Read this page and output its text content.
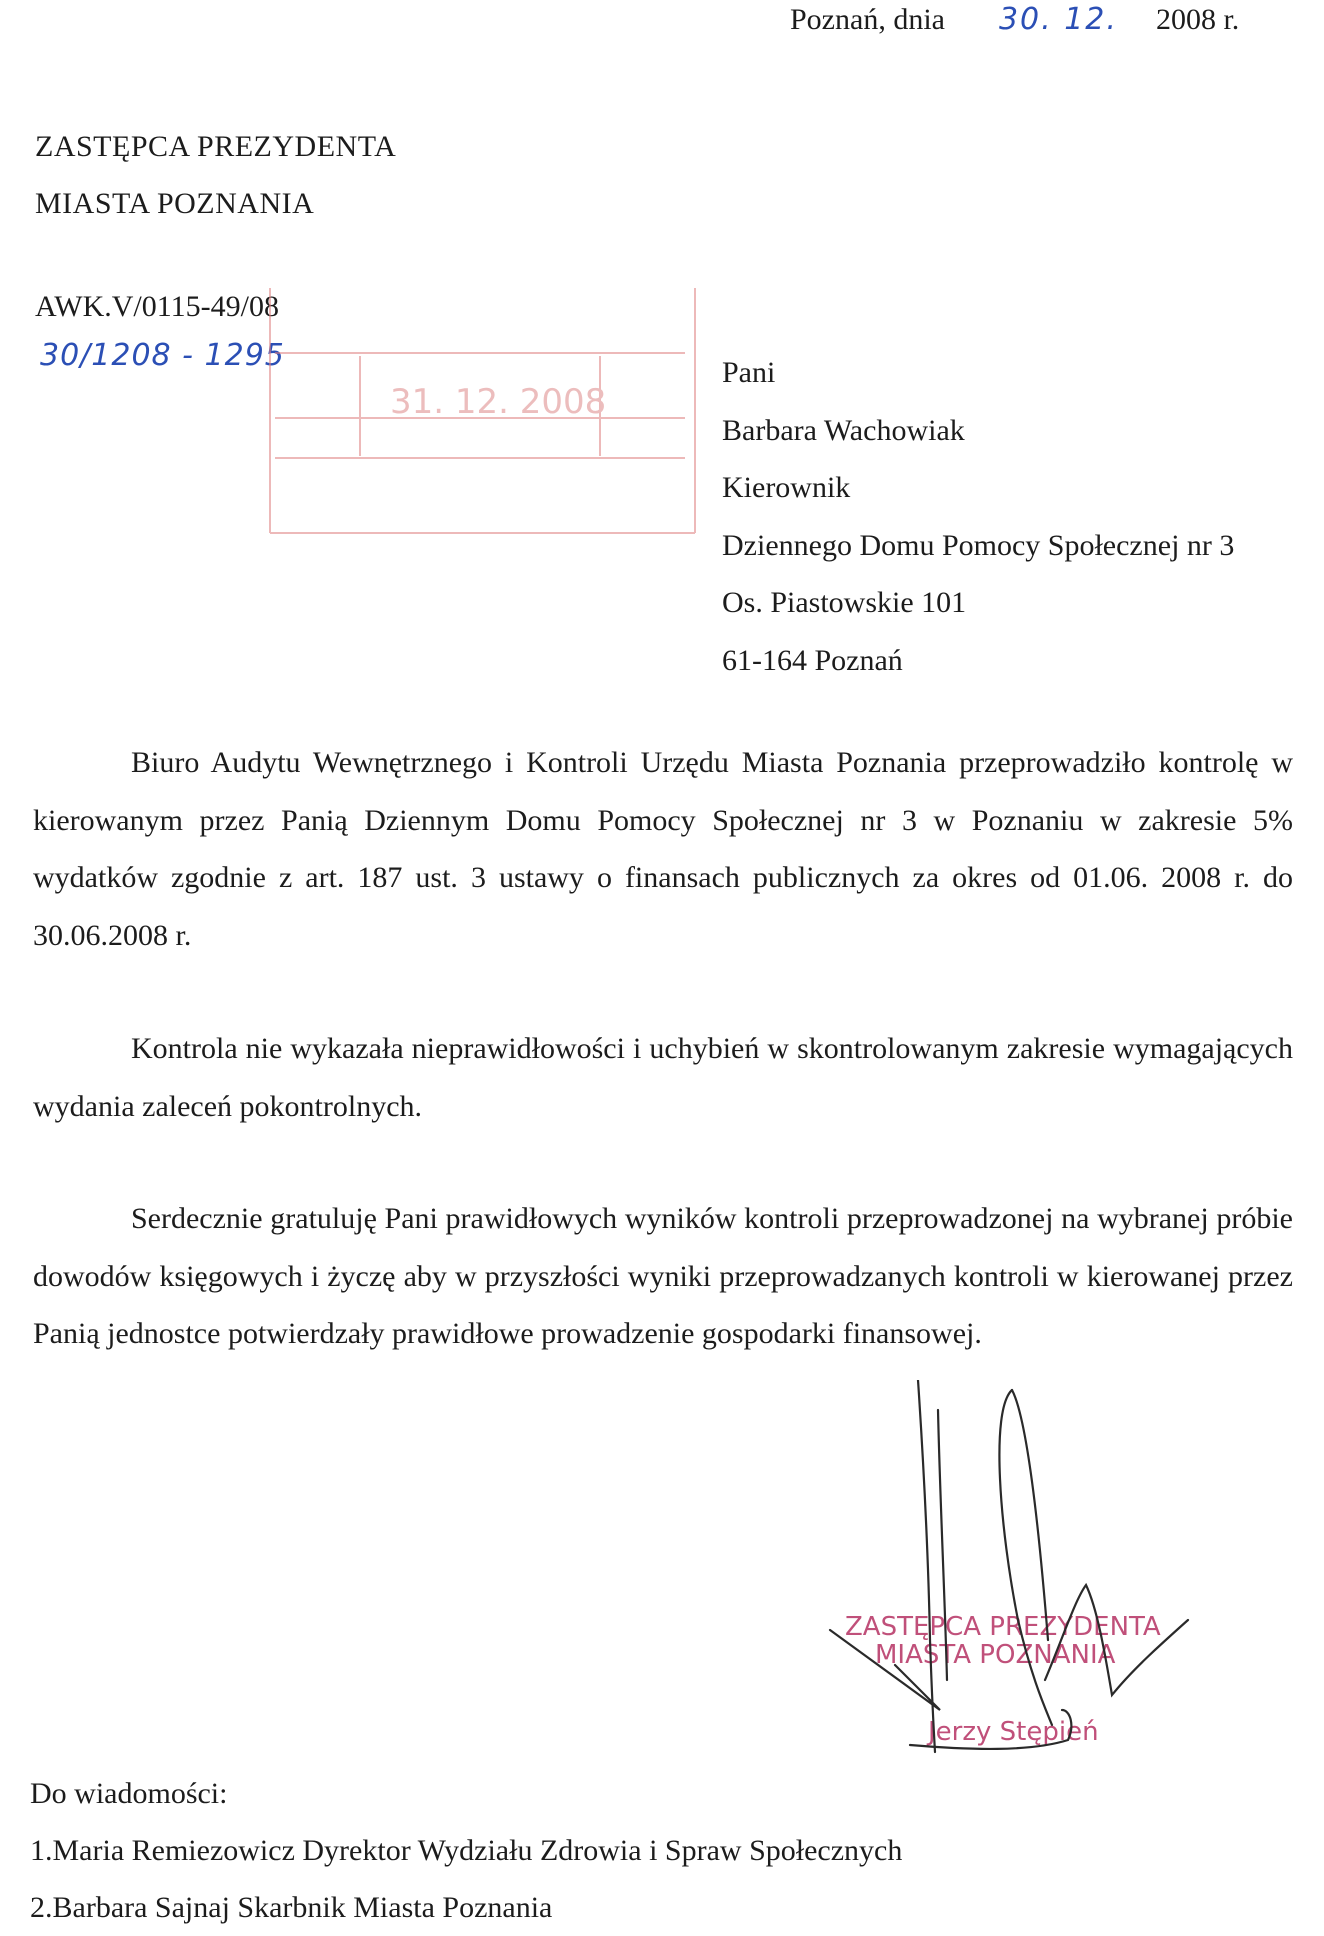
Poznań, dnia 30. 12. 2008 r.
ZASTĘPCA PREZYDENTA
MIASTA POZNANIA
AWK.V/0115-49/08
30/1208 - 1295
31. 12. 2008
Pani
Barbara Wachowiak
Kierownik
Dziennego Domu Pomocy Społecznej nr 3
Os. Piastowskie 101
61-164 Poznań

Biuro Audytu Wewnętrznego i Kontroli Urzędu Miasta Poznania przeprowadziło kontrolę w kierowanym przez Panią Dziennym Domu Pomocy Społecznej nr 3 w Poznaniu w zakresie 5% wydatków zgodnie z art. 187 ust. 3 ustawy o finansach publicznych za okres od 01.06. 2008 r. do 30.06.2008 r.

Kontrola nie wykazała nieprawidłowości i uchybień w skontrolowanym zakresie wymagających wydania zaleceń pokontrolnych.

Serdecznie gratuluję Pani prawidłowych wyników kontroli przeprowadzonej na wybranej próbie dowodów księgowych i życzę aby w przyszłości wyniki przeprowadzanych kontroli w kierowanej przez Panią jednostce potwierdzały prawidłowe prowadzenie gospodarki finansowej.

ZASTĘPCA PREZYDENTA
MIASTA POZNANIA
Jerzy Stępień
Do wiadomości:
1.Maria Remiezowicz Dyrektor Wydziału Zdrowia i Spraw Społecznych
2.Barbara Sajnaj Skarbnik Miasta Poznania
